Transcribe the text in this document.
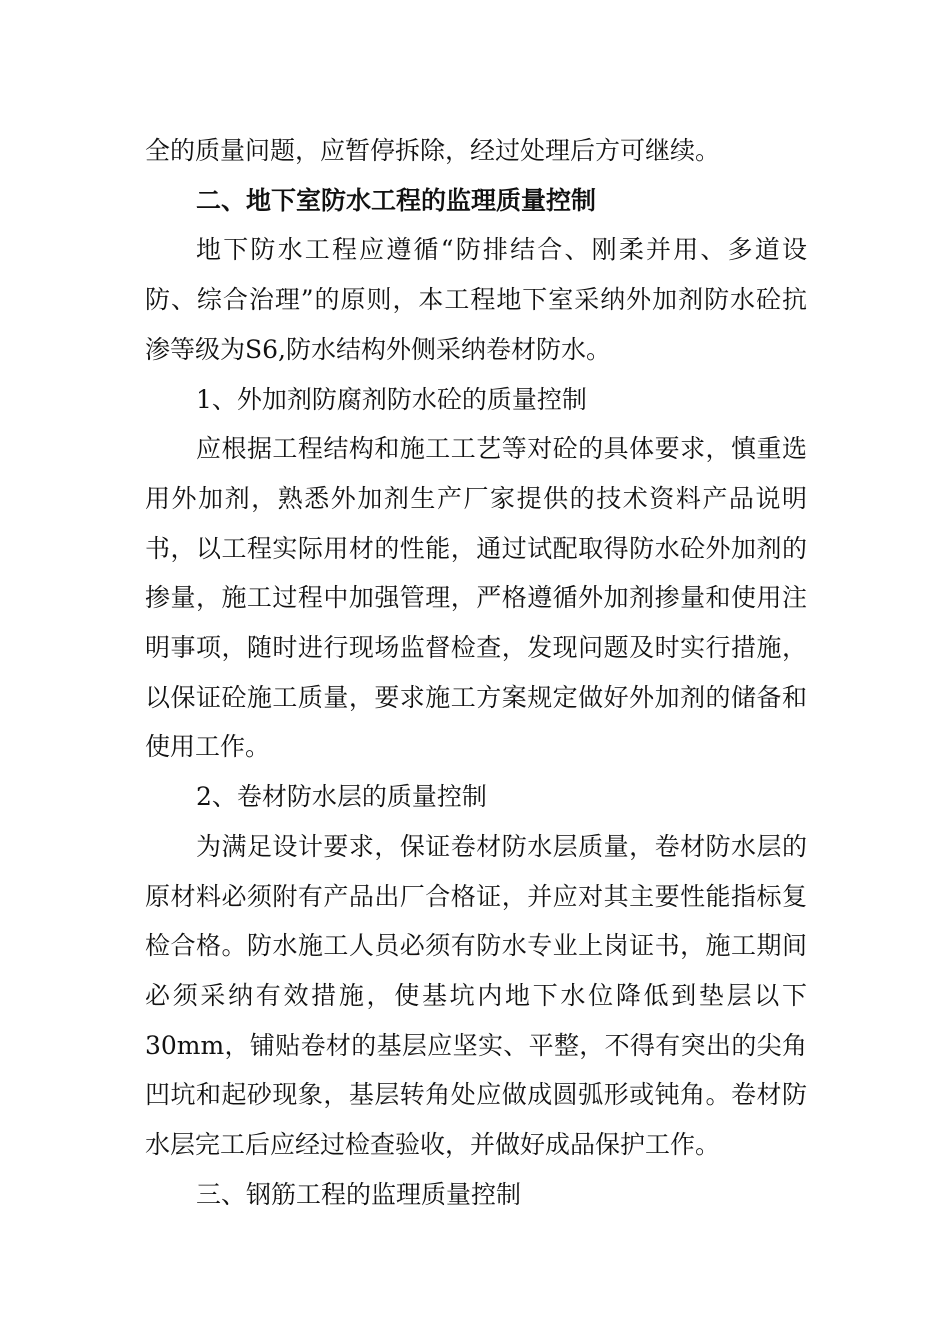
全的质量问题，应暂停拆除，经过处理后方可继续。

二、地下室防水工程的监理质量控制

地下防水工程应遵循“防排结合、刚柔并用、多道设防、综合治理”的原则，本工程地下室采纳外加剂防水砼抗渗等级为S6,防水结构外侧采纳卷材防水。

1、外加剂防腐剂防水砼的质量控制

应根据工程结构和施工工艺等对砼的具体要求，慎重选用外加剂，熟悉外加剂生产厂家提供的技术资料产品说明书，以工程实际用材的性能，通过试配取得防水砼外加剂的掺量，施工过程中加强管理，严格遵循外加剂掺量和使用注明事项，随时进行现场监督检查，发现问题及时实行措施，以保证砼施工质量，要求施工方案规定做好外加剂的储备和使用工作。

2、卷材防水层的质量控制

为满足设计要求，保证卷材防水层质量，卷材防水层的原材料必须附有产品出厂合格证，并应对其主要性能指标复检合格。防水施工人员必须有防水专业上岗证书，施工期间必须采纳有效措施，使基坑内地下水位降低到垫层以下30mm，铺贴卷材的基层应坚实、平整，不得有突出的尖角凹坑和起砂现象，基层转角处应做成圆弧形或钝角。卷材防水层完工后应经过检查验收，并做好成品保护工作。

三、钢筋工程的监理质量控制
